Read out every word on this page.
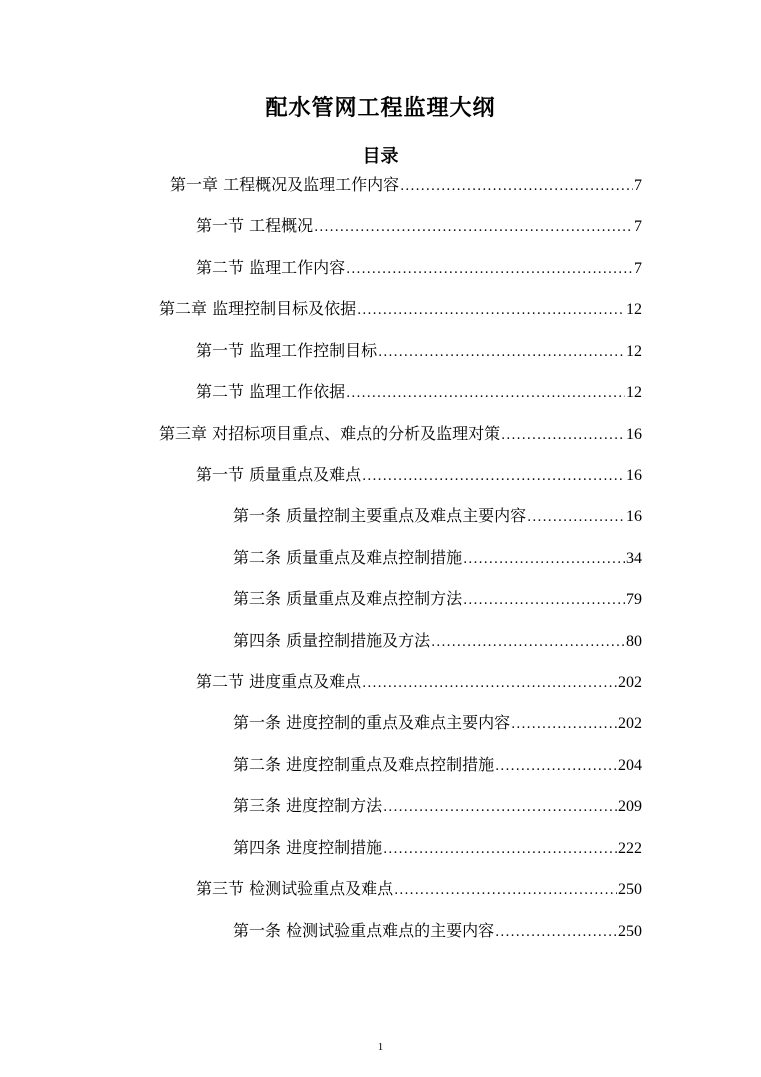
配水管网工程监理大纲
目录
第一章 工程概况及监理工作内容 .....	7
第一节 工程概况 .....	7
第二节 监理工作内容 .....	7
第二章 监理控制目标及依据 .....	12
第一节 监理工作控制目标 .....	12
第二节 监理工作依据 .....	12
第三章 对招标项目重点、难点的分析及监理对策 .....	16
第一节 质量重点及难点 .....	16
第一条 质量控制主要重点及难点主要内容 .....	16
第二条 质量重点及难点控制措施 .....	34
第三条 质量重点及难点控制方法 .....	79
第四条 质量控制措施及方法 .....	80
第二节 进度重点及难点 .....	202
第一条 进度控制的重点及难点主要内容 .....	202
第二条 进度控制重点及难点控制措施 .....	204
第三条 进度控制方法 .....	209
第四条 进度控制措施 .....	222
第三节 检测试验重点及难点 .....	250
第一条 检测试验重点难点的主要内容 .....	250
1
